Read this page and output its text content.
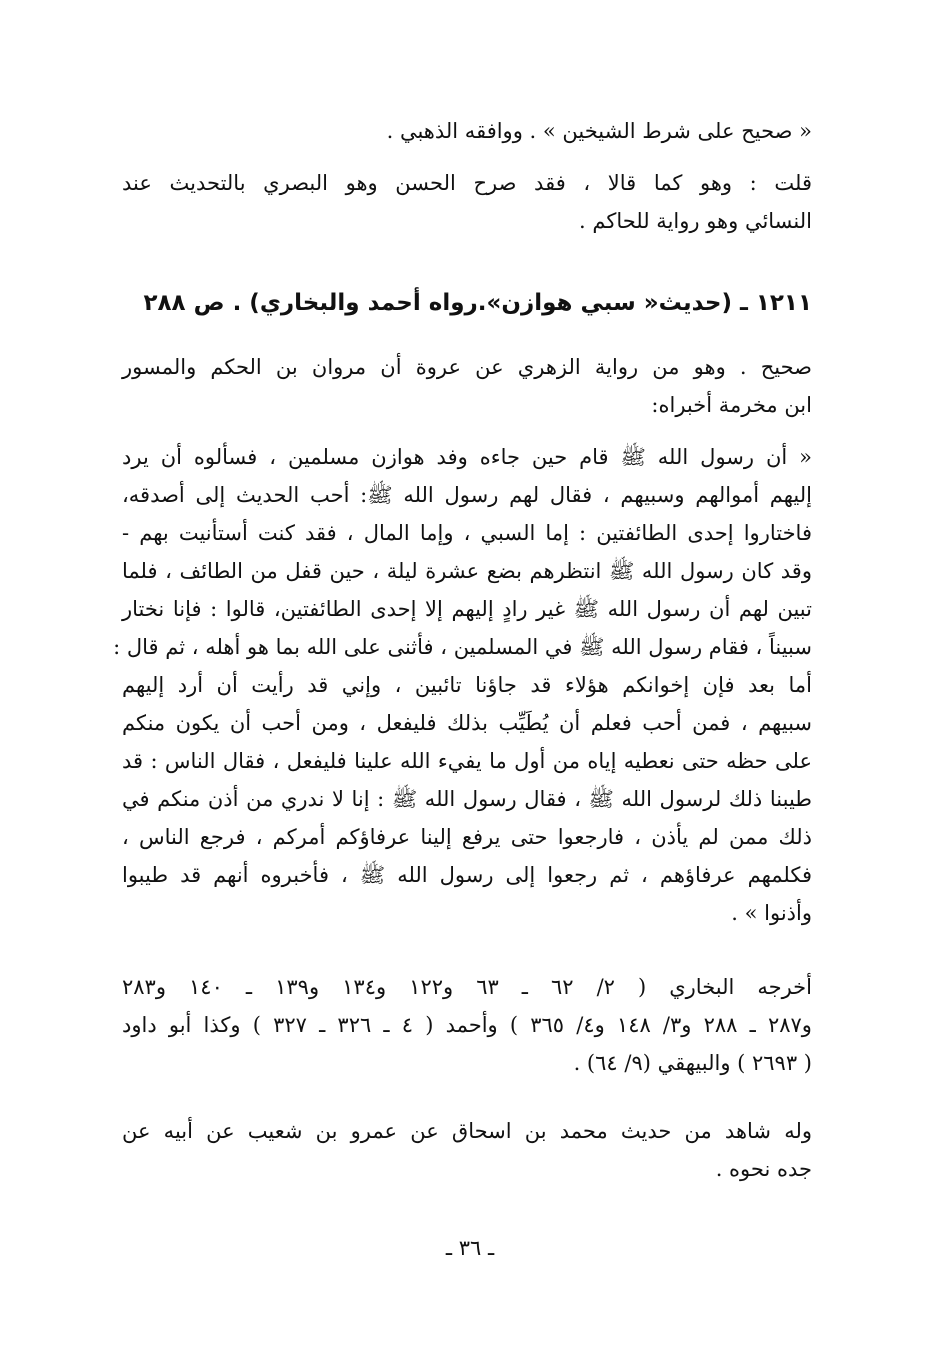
« صحيح على شرط الشيخين » . ووافقه الذهبي .
قلت : وهو كما قالا ، فقد صرح الحسن وهو البصري بالتحديث عند
النسائي وهو رواية للحاكم .
١٢١١ ـ (حديث« سبي هوازن».رواه أحمد والبخاري) . ص ٢٨٨
صحيح . وهو من رواية الزهري عن عروة أن مروان بن الحكم والمسور
ابن مخرمة أخبراه:
« أن رسول الله ﷺ قام حين جاءه وفد هوازن مسلمين ، فسألوه أن يرد
إليهم أموالهم وسبيهم ، فقال لهم رسول الله ﷺ: أحب الحديث إلى أصدقه،
فاختاروا إحدى الطائفتين : إما السبي ، وإما المال ، فقد كنت أستأنيت بهم -
وقد كان رسول الله ﷺ انتظرهم بضع عشرة ليلة ، حين قفل من الطائف ، فلما
تبين لهم أن رسول الله ﷺ غير رادٍ إليهم إلا إحدى الطائفتين، قالوا : فإنا نختار
سبيناً ، فقام رسول الله ﷺ في المسلمين ، فأثنى على الله بما هو أهله ، ثم قال :
أما بعد فإن إخوانكم هؤلاء قد جاؤنا تائبين ، وإني قد رأيت أن أرد إليهم
سبيهم ، فمن أحب فعلم أن يُطَيِّب بذلك فليفعل ، ومن أحب أن يكون منكم
على حظه حتى نعطيه إياه من أول ما يفيء الله علينا فليفعل ، فقال الناس : قد
طيبنا ذلك لرسول الله ﷺ ، فقال رسول الله ﷺ : إنا لا ندري من أذن منكم في
ذلك ممن لم يأذن ، فارجعوا حتى يرفع إلينا عرفاؤكم أمركم ، فرجع الناس ،
فكلمهم عرفاؤهم ، ثم رجعوا إلى رسول الله ﷺ ، فأخبروه أنهم قد طيبوا
وأذنوا » .
أخرجه البخاري ( ٢/ ٦٢ ـ ٦٣ و١٢٢ و١٣٤ و١٣٩ ـ ١٤٠ و٢٨٣
و٢٨٧ ـ ٢٨٨ و٣/ ١٤٨ و٤/ ٣٦٥ ) وأحمد ( ٤ ـ ٣٢٦ ـ ٣٢٧ ) وكذا أبو داود
( ٢٦٩٣ ) والبيهقي (٩/ ٦٤) .
وله شاهد من حديث محمد بن اسحاق عن عمرو بن شعيب عن أبيه عن
جده نحوه .
ـ ٣٦ ـ
